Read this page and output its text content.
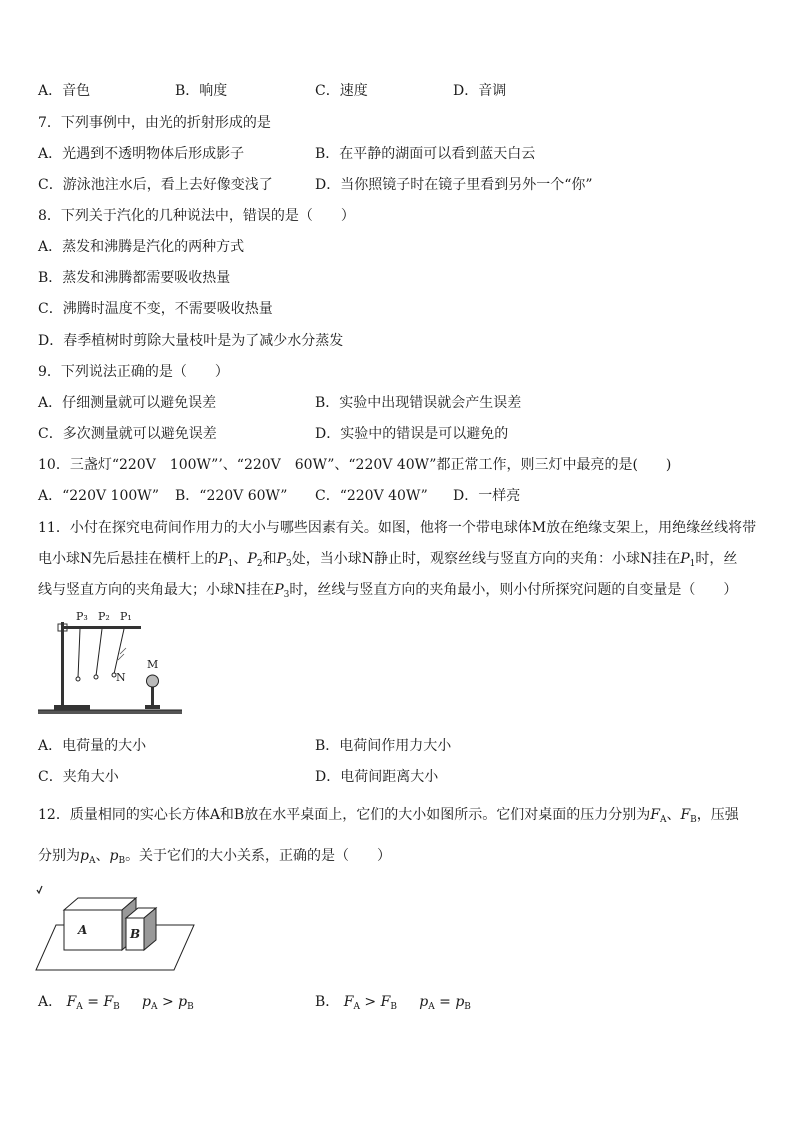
A．音色	B．响度	C．速度	D．音调
7．下列事例中，由光的折射形成的是
A．光遇到不透明物体后形成影子	B．在平静的湖面可以看到蓝天白云
C．游泳池注水后，看上去好像变浅了	D．当你照镜子时在镜子里看到另外一个“你”
8．下列关于汽化的几种说法中，错误的是（　　）
A．蒸发和沸腾是汽化的两种方式
B．蒸发和沸腾都需要吸收热量
C．沸腾时温度不变，不需要吸收热量
D．春季植树时剪除大量枝叶是为了减少水分蒸发
9．下列说法正确的是（　　）
A．仔细测量就可以避免误差	B．实验中出现错误就会产生误差
C．多次测量就可以避免误差	D．实验中的错误是可以避免的
10．三盏灯“220V　100W”’、“220V　60W”、“220V 40W”都正常工作，则三灯中最亮的是(　　)
A．“220V 100W” B．“220V 60W” C．“220V 40W” D．一样亮
11．小付在探究电荷间作用力的大小与哪些因素有关。如图，他将一个带电球体M放在绝缘支架上，用绝缘丝线将带
电小球N先后悬挂在横杆上的$P_1$、$P_2$和$P_3$处，当小球N静止时，观察丝线与竖直方向的夹角：小球N挂在$P_1$时，丝
线与竖直方向的夹角最大；小球N挂在$P_3$时，丝线与竖直方向的夹角最小，则小付所探究问题的自变量是（　　）
P₃ P₂ P₁
N
M
A．电荷量的大小	B．电荷间作用力大小
C．夹角大小	D．电荷间距离大小
12．质量相同的实心长方体A和B放在水平桌面上，它们的大小如图所示。它们对桌面的压力分别为$F_A$、$F_B$，压强
分别为$p_A$、$p_B$。关于它们的大小关系，正确的是（　　）
A	B
A． $F_A = F_B$ $p_A > p_B$	B． $F_A > F_B$ $p_A = p_B$
